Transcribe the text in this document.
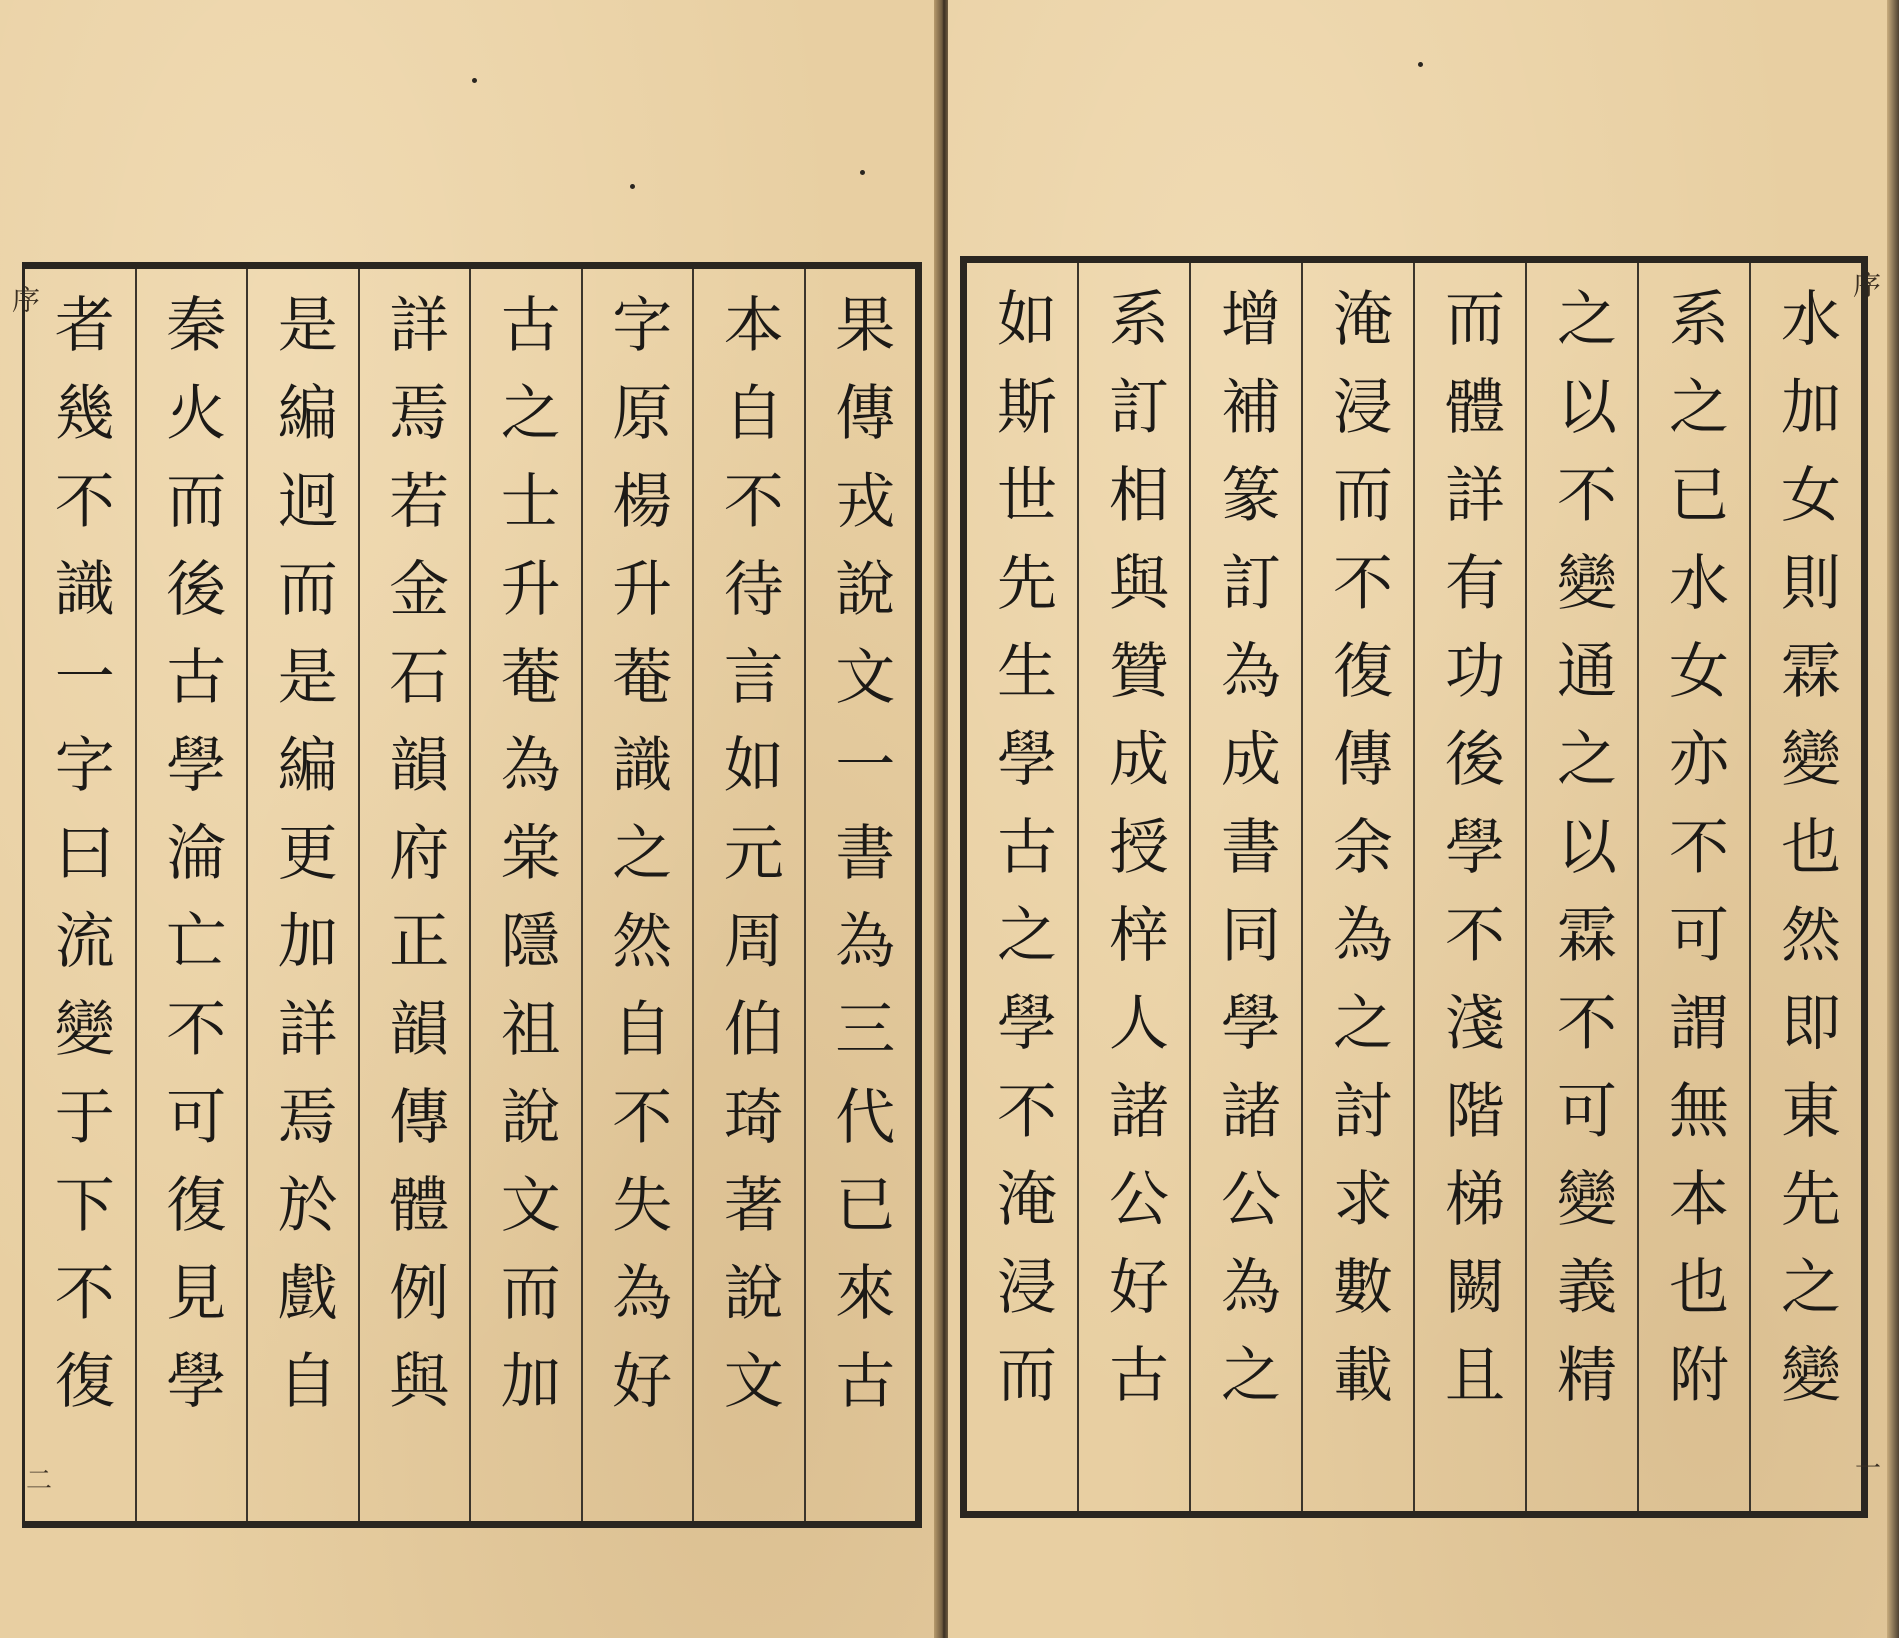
序	果傳戎說文一書為三代已來古
本自不待言如元周伯琦著說文
字原楊升菴識之然自不失為好
古之士升菴為棠隱祖說文而加
詳焉若金石韻府正韻傳體例與
是編迥而是編更加詳焉於戲自
秦火而後古學淪亡不可復見學
者幾不識一字曰流變于下不復
二
序
水加女則霖變也然即東先之變
系之已水女亦不可謂無本也附
之以不變通之以霖不可變義精
而體詳有功後學不淺階梯闕且
淹浸而不復傳余為之討求數載
增補篆訂為成書同學諸公為之
系訂相與贊成授梓人諸公好古
如斯世先生學古之學不淹浸而
一
